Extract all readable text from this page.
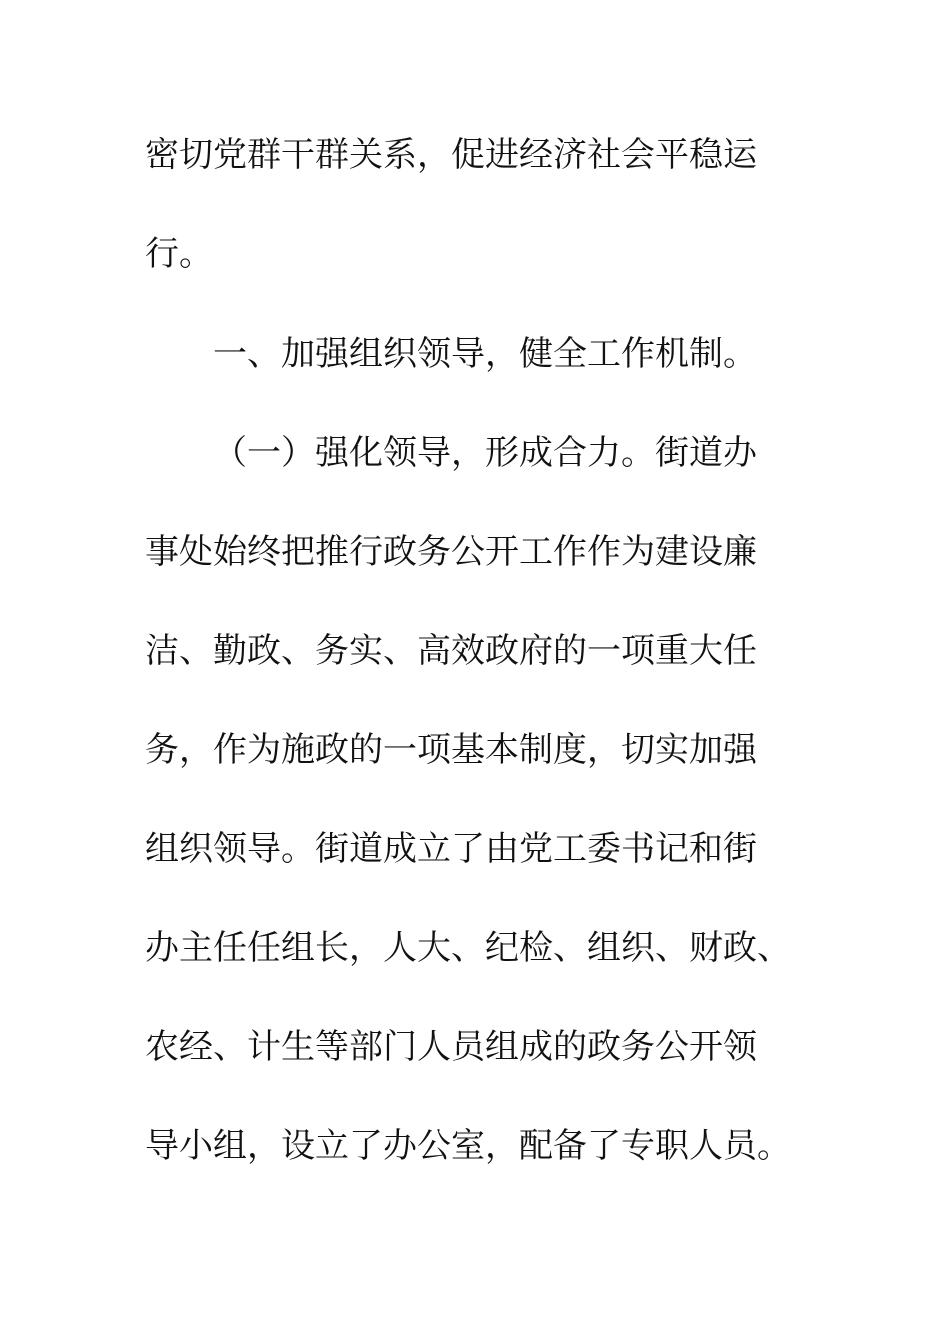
密切党群干群关系，促进经济社会平稳运
行。
一、加强组织领导，健全工作机制。
（一）强化领导，形成合力。街道办
事处始终把推行政务公开工作作为建设廉
洁、勤政、务实、高效政府的一项重大任
务，作为施政的一项基本制度，切实加强
组织领导。街道成立了由党工委书记和街
办主任任组长，人大、纪检、组织、财政、
农经、计生等部门人员组成的政务公开领
导小组，设立了办公室，配备了专职人员。
